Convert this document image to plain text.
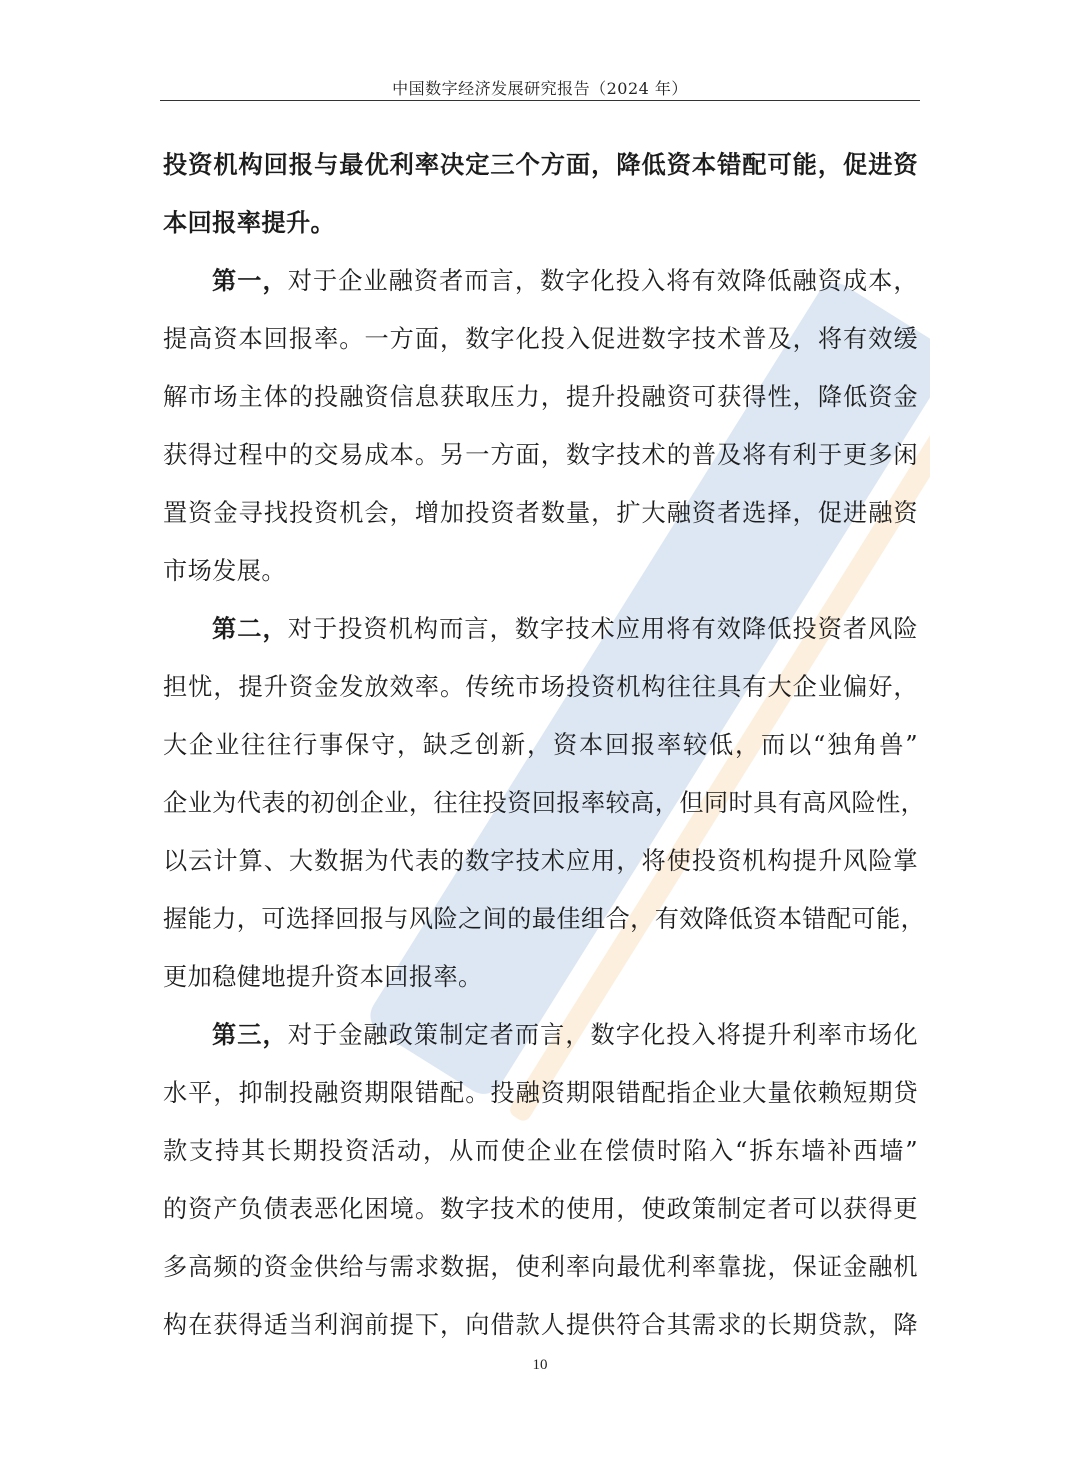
中国数字经济发展研究报告（2024 年）
投资机构回报与最优利率决定三个方面，降低资本错配可能，促进资
本回报率提升。
第一，对于企业融资者而言，数字化投入将有效降低融资成本，
提高资本回报率。一方面，数字化投入促进数字技术普及，将有效缓
解市场主体的投融资信息获取压力，提升投融资可获得性，降低资金
获得过程中的交易成本。另一方面，数字技术的普及将有利于更多闲
置资金寻找投资机会，增加投资者数量，扩大融资者选择，促进融资
市场发展。
第二，对于投资机构而言，数字技术应用将有效降低投资者风险
担忧，提升资金发放效率。传统市场投资机构往往具有大企业偏好，
大企业往往行事保守，缺乏创新，资本回报率较低，而以“独角兽”
企业为代表的初创企业，往往投资回报率较高，但同时具有高风险性，
以云计算、大数据为代表的数字技术应用，将使投资机构提升风险掌
握能力，可选择回报与风险之间的最佳组合，有效降低资本错配可能，
更加稳健地提升资本回报率。
第三，对于金融政策制定者而言，数字化投入将提升利率市场化
水平，抑制投融资期限错配。投融资期限错配指企业大量依赖短期贷
款支持其长期投资活动，从而使企业在偿债时陷入“拆东墙补西墙”
的资产负债表恶化困境。数字技术的使用，使政策制定者可以获得更
多高频的资金供给与需求数据，使利率向最优利率靠拢，保证金融机
构在获得适当利润前提下，向借款人提供符合其需求的长期贷款，降
10
